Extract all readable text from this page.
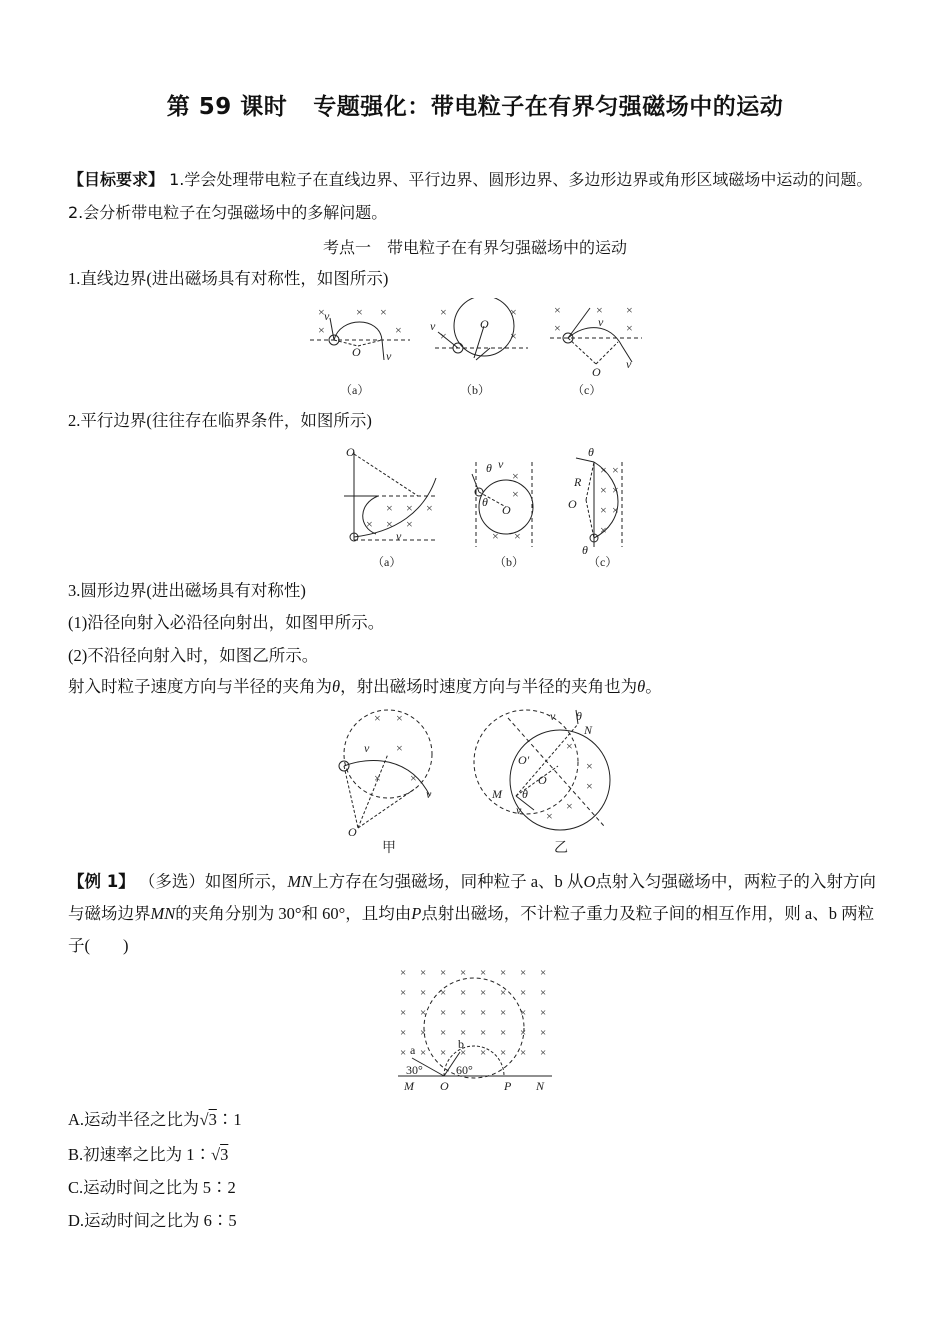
第 59 课时 专题强化：带电粒子在有界匀强磁场中的运动
【目标要求】 1.学会处理带电粒子在直线边界、平行边界、圆形边界、多边形边界或角形区域磁场中运动的问题。2.会分析带电粒子在匀强磁场中的多解问题。
考点一　带电粒子在有界匀强磁场中的运动
1.直线边界(进出磁场具有对称性，如图所示)
×	× ×
×	×
v
O v
（a）
×	×
×	×
v	O
（b）
×	× ×
×	×
v
O
v
（c）
2.平行边界(往往存在临界条件，如图所示)
O
× × ×
× × ×
v
（a）
θ v
×
×
O
θ
× ×
（b）
θ
R
O
× ×
× ×
× ×
×
θ
（c）
3.圆形边界(进出磁场具有对称性)
(1)沿径向射入必沿径向射出，如图甲所示。
(2)不沿径向射入时，如图乙所示。
射入时粒子速度方向与半径的夹角为θ，射出磁场时速度方向与半径的夹角也为θ。
× ×
v ×
× ×
v
O
甲
v θ
N
O'
O
M θ
v
×
×
×
×
×
乙
【例 1】 （多选）如图所示，MN上方存在匀强磁场，同种粒子 a、b 从O点射入匀强磁场中，两粒子的入射方向与磁场边界MN的夹角分别为 30°和 60°，且均由P点射出磁场，不计粒子重力及粒子间的相互作用，则 a、b 两粒子(　　)
× × × × × × × ×
× × × × × × × ×
× × × × × × × ×
× × × × × × × ×
× × × × × × × ×
a	b
30°	60°
M O	P N
A.运动半径之比为√3∶1
B.初速率之比为 1∶√3
C.运动时间之比为 5∶2
D.运动时间之比为 6∶5
